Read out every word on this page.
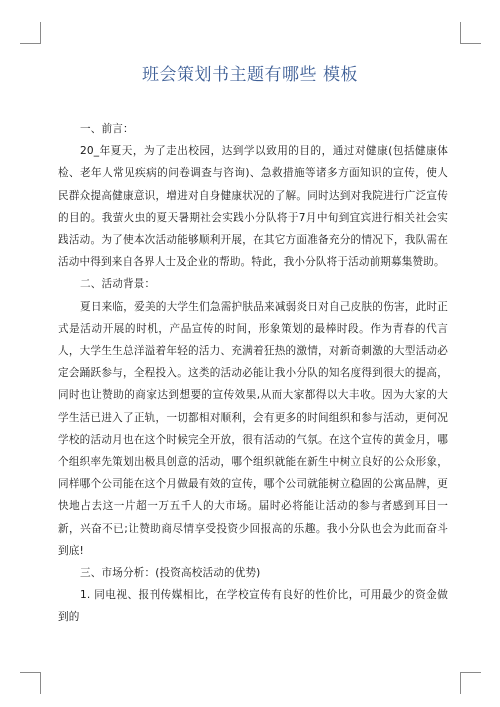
班会策划书主题有哪些 模板

一、前言：

20_年夏天，为了走出校园，达到学以致用的目的，通过对健康(包括健康体检、老年人常见疾病的问卷调查与咨询)、急救措施等诸多方面知识的宣传，使人民群众提高健康意识，增进对自身健康状况的了解。同时达到对我院进行广泛宣传的目的。我萤火虫的夏天暑期社会实践小分队将于7月中旬到宜宾进行相关社会实践活动。为了使本次活动能够顺利开展，在其它方面准备充分的情况下，我队需在活动中得到来自各界人士及企业的帮助。特此，我小分队将于活动前期募集赞助。

二、活动背景：

夏日来临，爱美的大学生们急需护肤品来减弱炎日对自己皮肤的伤害，此时正式是活动开展的时机，产品宣传的时间，形象策划的最棒时段。作为青春的代言人，大学生生总洋溢着年轻的活力、充满着狂热的激情，对新奇刺激的大型活动必定会踊跃参与，全程投入。这类的活动必能让我小分队的知名度得到很大的提高，同时也让赞助的商家达到想要的宣传效果,从而大家都得以大丰收。因为大家的大学生活已进入了正轨，一切都相对顺利，会有更多的时间组织和参与活动，更何况学校的活动月也在这个时候完全开放，很有活动的气氛。在这个宣传的黄金月，哪个组织率先策划出极具创意的活动，哪个组织就能在新生中树立良好的公众形象，同样哪个公司能在这个月做最有效的宣传，哪个公司就能树立稳固的公寓品牌，更快地占去这一片超一万五千人的大市场。届时必将能让活动的参与者感到耳目一新，兴奋不已;让赞助商尽情享受投资少回报高的乐趣。我小分队也会为此而奋斗到底!

三、市场分析：(投资高校活动的优势)

1. 同电视、报刊传媒相比，在学校宣传有良好的性价比，可用最少的资金做到的
